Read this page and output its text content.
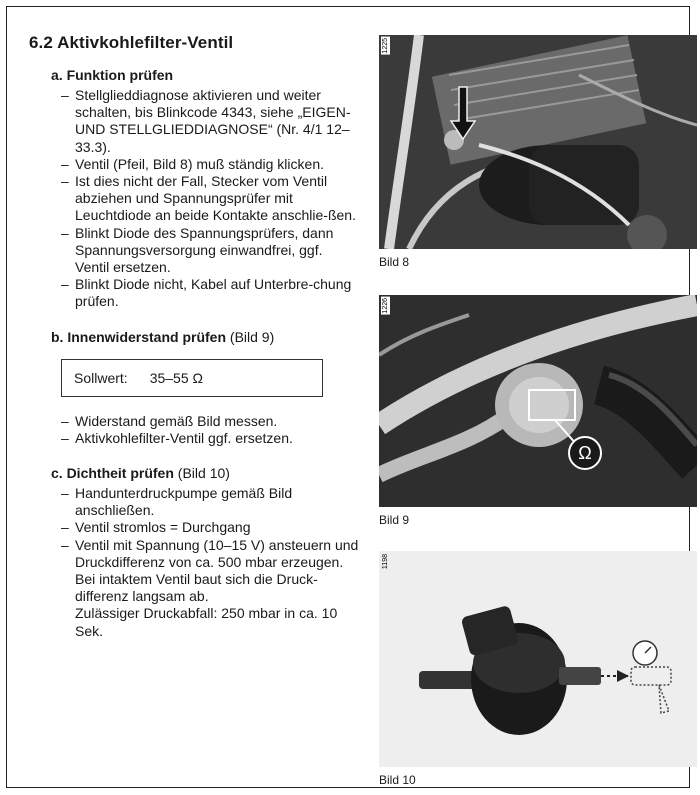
6.2 Aktivkohlefilter-Ventil
a. Funktion prüfen
– Stellglieddiagnose aktivieren und weiter schalten, bis Blinkcode 4343, siehe „EIGEN- UND STELLGLIEDDIAGNOSE“ (Nr. 4/1 12–33.3).
– Ventil (Pfeil, Bild 8) muß ständig klicken.
– Ist dies nicht der Fall, Stecker vom Ventil abziehen und Spannungsprüfer mit Leuchtdiode an beide Kontakte anschlie-ßen.
– Blinkt Diode des Spannungsprüfers, dann Spannungsversorgung einwandfrei, ggf. Ventil ersetzen.
– Blinkt Diode nicht, Kabel auf Unterbre-chung prüfen.
b. Innenwiderstand prüfen (Bild 9)
Sollwert: 35–55 Ω
– Widerstand gemäß Bild messen.
– Aktivkohlefilter-Ventil ggf. ersetzen.
c. Dichtheit prüfen (Bild 10)
– Handunterdruckpumpe gemäß Bild anschließen.
– Ventil stromlos = Durchgang
– Ventil mit Spannung (10–15 V) ansteuern und Druckdifferenz von ca. 500 mbar erzeugen.
Bei intaktem Ventil baut sich die Druck-differenz langsam ab.
Zulässiger Druckabfall: 250 mbar in ca. 10 Sek.
1225
Bild 8
Ω
1226
Bild 9
1198
Bild 10
